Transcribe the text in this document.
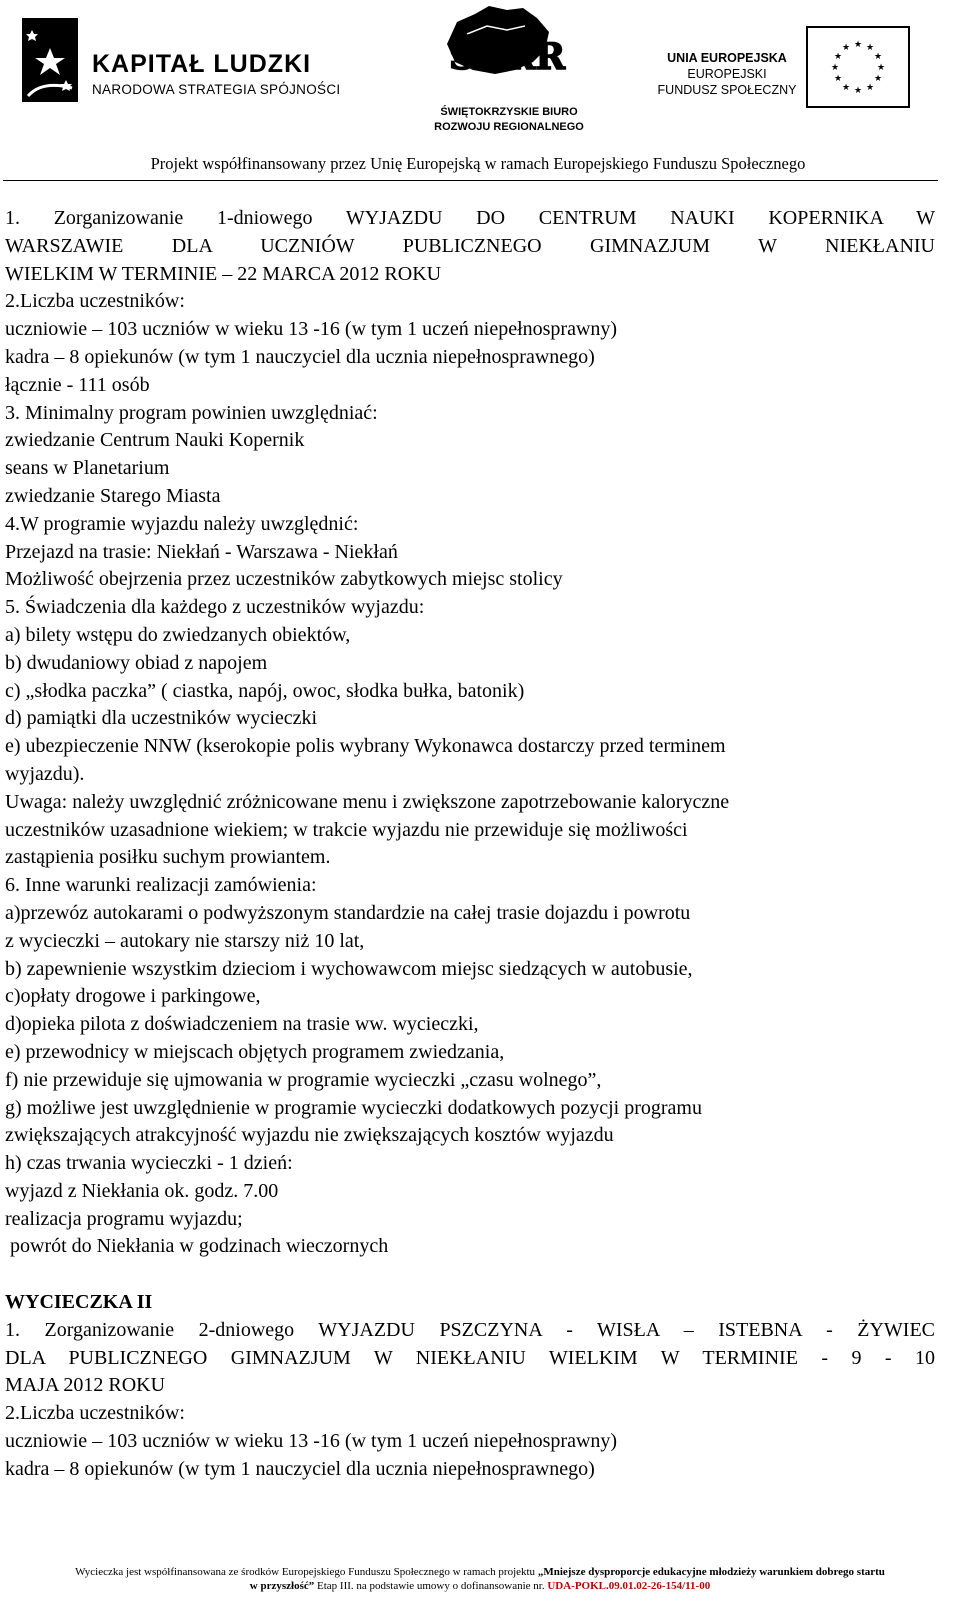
KAPITAŁ LUDZKI
NARODOWA STRATEGIA SPÓJNOŚCI
ŚBRR
ŚWIĘTOKRZYSKIE BIURO
ROZWOJU REGIONALNEGO
UNIA EUROPEJSKA
EUROPEJSKI
FUNDUSZ SPOŁECZNY
★ ★
★
★
★
★
★
★
★
★
★
★
Projekt współfinansowany przez Unię Europejską w ramach Europejskiego Funduszu Społecznego
1. Zorganizowanie 1-dniowego WYJAZDU DO CENTRUM NAUKI KOPERNIKA W
WARSZAWIE DLA UCZNIÓW PUBLICZNEGO GIMNAZJUM W NIEKŁANIU
WIELKIM W TERMINIE – 22 MARCA 2012 ROKU
2.Liczba uczestników:
uczniowie – 103 uczniów w wieku 13 -16 (w tym 1 uczeń niepełnosprawny)
kadra – 8 opiekunów (w tym 1 nauczyciel dla ucznia niepełnosprawnego)
łącznie - 111 osób
3. Minimalny program powinien uwzględniać:
zwiedzanie Centrum Nauki Kopernik
seans w Planetarium
zwiedzanie Starego Miasta
4.W programie wyjazdu należy uwzględnić:
Przejazd na trasie: Niekłań - Warszawa - Niekłań
Możliwość obejrzenia przez uczestników zabytkowych miejsc stolicy
5. Świadczenia dla każdego z uczestników wyjazdu:
a) bilety wstępu do zwiedzanych obiektów,
b) dwudaniowy obiad z napojem
c) „słodka paczka” ( ciastka, napój, owoc, słodka bułka, batonik)
d) pamiątki dla uczestników wycieczki
e) ubezpieczenie NNW (kserokopie polis wybrany Wykonawca dostarczy przed terminem
wyjazdu).
Uwaga: należy uwzględnić zróżnicowane menu i zwiększone zapotrzebowanie kaloryczne
uczestników uzasadnione wiekiem; w trakcie wyjazdu nie przewiduje się możliwości
zastąpienia posiłku suchym prowiantem.
6. Inne warunki realizacji zamówienia:
a)przewóz autokarami o podwyższonym standardzie na całej trasie dojazdu i powrotu
z wycieczki – autokary nie starszy niż 10 lat,
b) zapewnienie wszystkim dzieciom i wychowawcom miejsc siedzących w autobusie,
c)opłaty drogowe i parkingowe,
d)opieka pilota z doświadczeniem na trasie ww. wycieczki,
e) przewodnicy w miejscach objętych programem zwiedzania,
f) nie przewiduje się ujmowania w programie wycieczki „czasu wolnego”,
g) możliwe jest uwzględnienie w programie wycieczki dodatkowych pozycji programu
zwiększających atrakcyjność wyjazdu nie zwiększających kosztów wyjazdu
h) czas trwania wycieczki - 1 dzień:
wyjazd z Niekłania ok. godz. 7.00
realizacja programu wyjazdu;
powrót do Niekłania w godzinach wieczornych
WYCIECZKA II
1. Zorganizowanie 2-dniowego WYJAZDU PSZCZYNA - WISŁA – ISTEBNA - ŻYWIEC
DLA PUBLICZNEGO GIMNAZJUM W NIEKŁANIU WIELKIM W TERMINIE - 9 - 10
MAJA 2012 ROKU
2.Liczba uczestników:
uczniowie – 103 uczniów w wieku 13 -16 (w tym 1 uczeń niepełnosprawny)
kadra – 8 opiekunów (w tym 1 nauczyciel dla ucznia niepełnosprawnego)
Wycieczka jest współfinansowana ze środków Europejskiego Funduszu Społecznego w ramach projektu „Mniejsze dysproporcje edukacyjne młodzieży warunkiem dobrego startu
w przyszłość” Etap III. na podstawie umowy o dofinansowanie nr. UDA-POKL.09.01.02-26-154/11-00
